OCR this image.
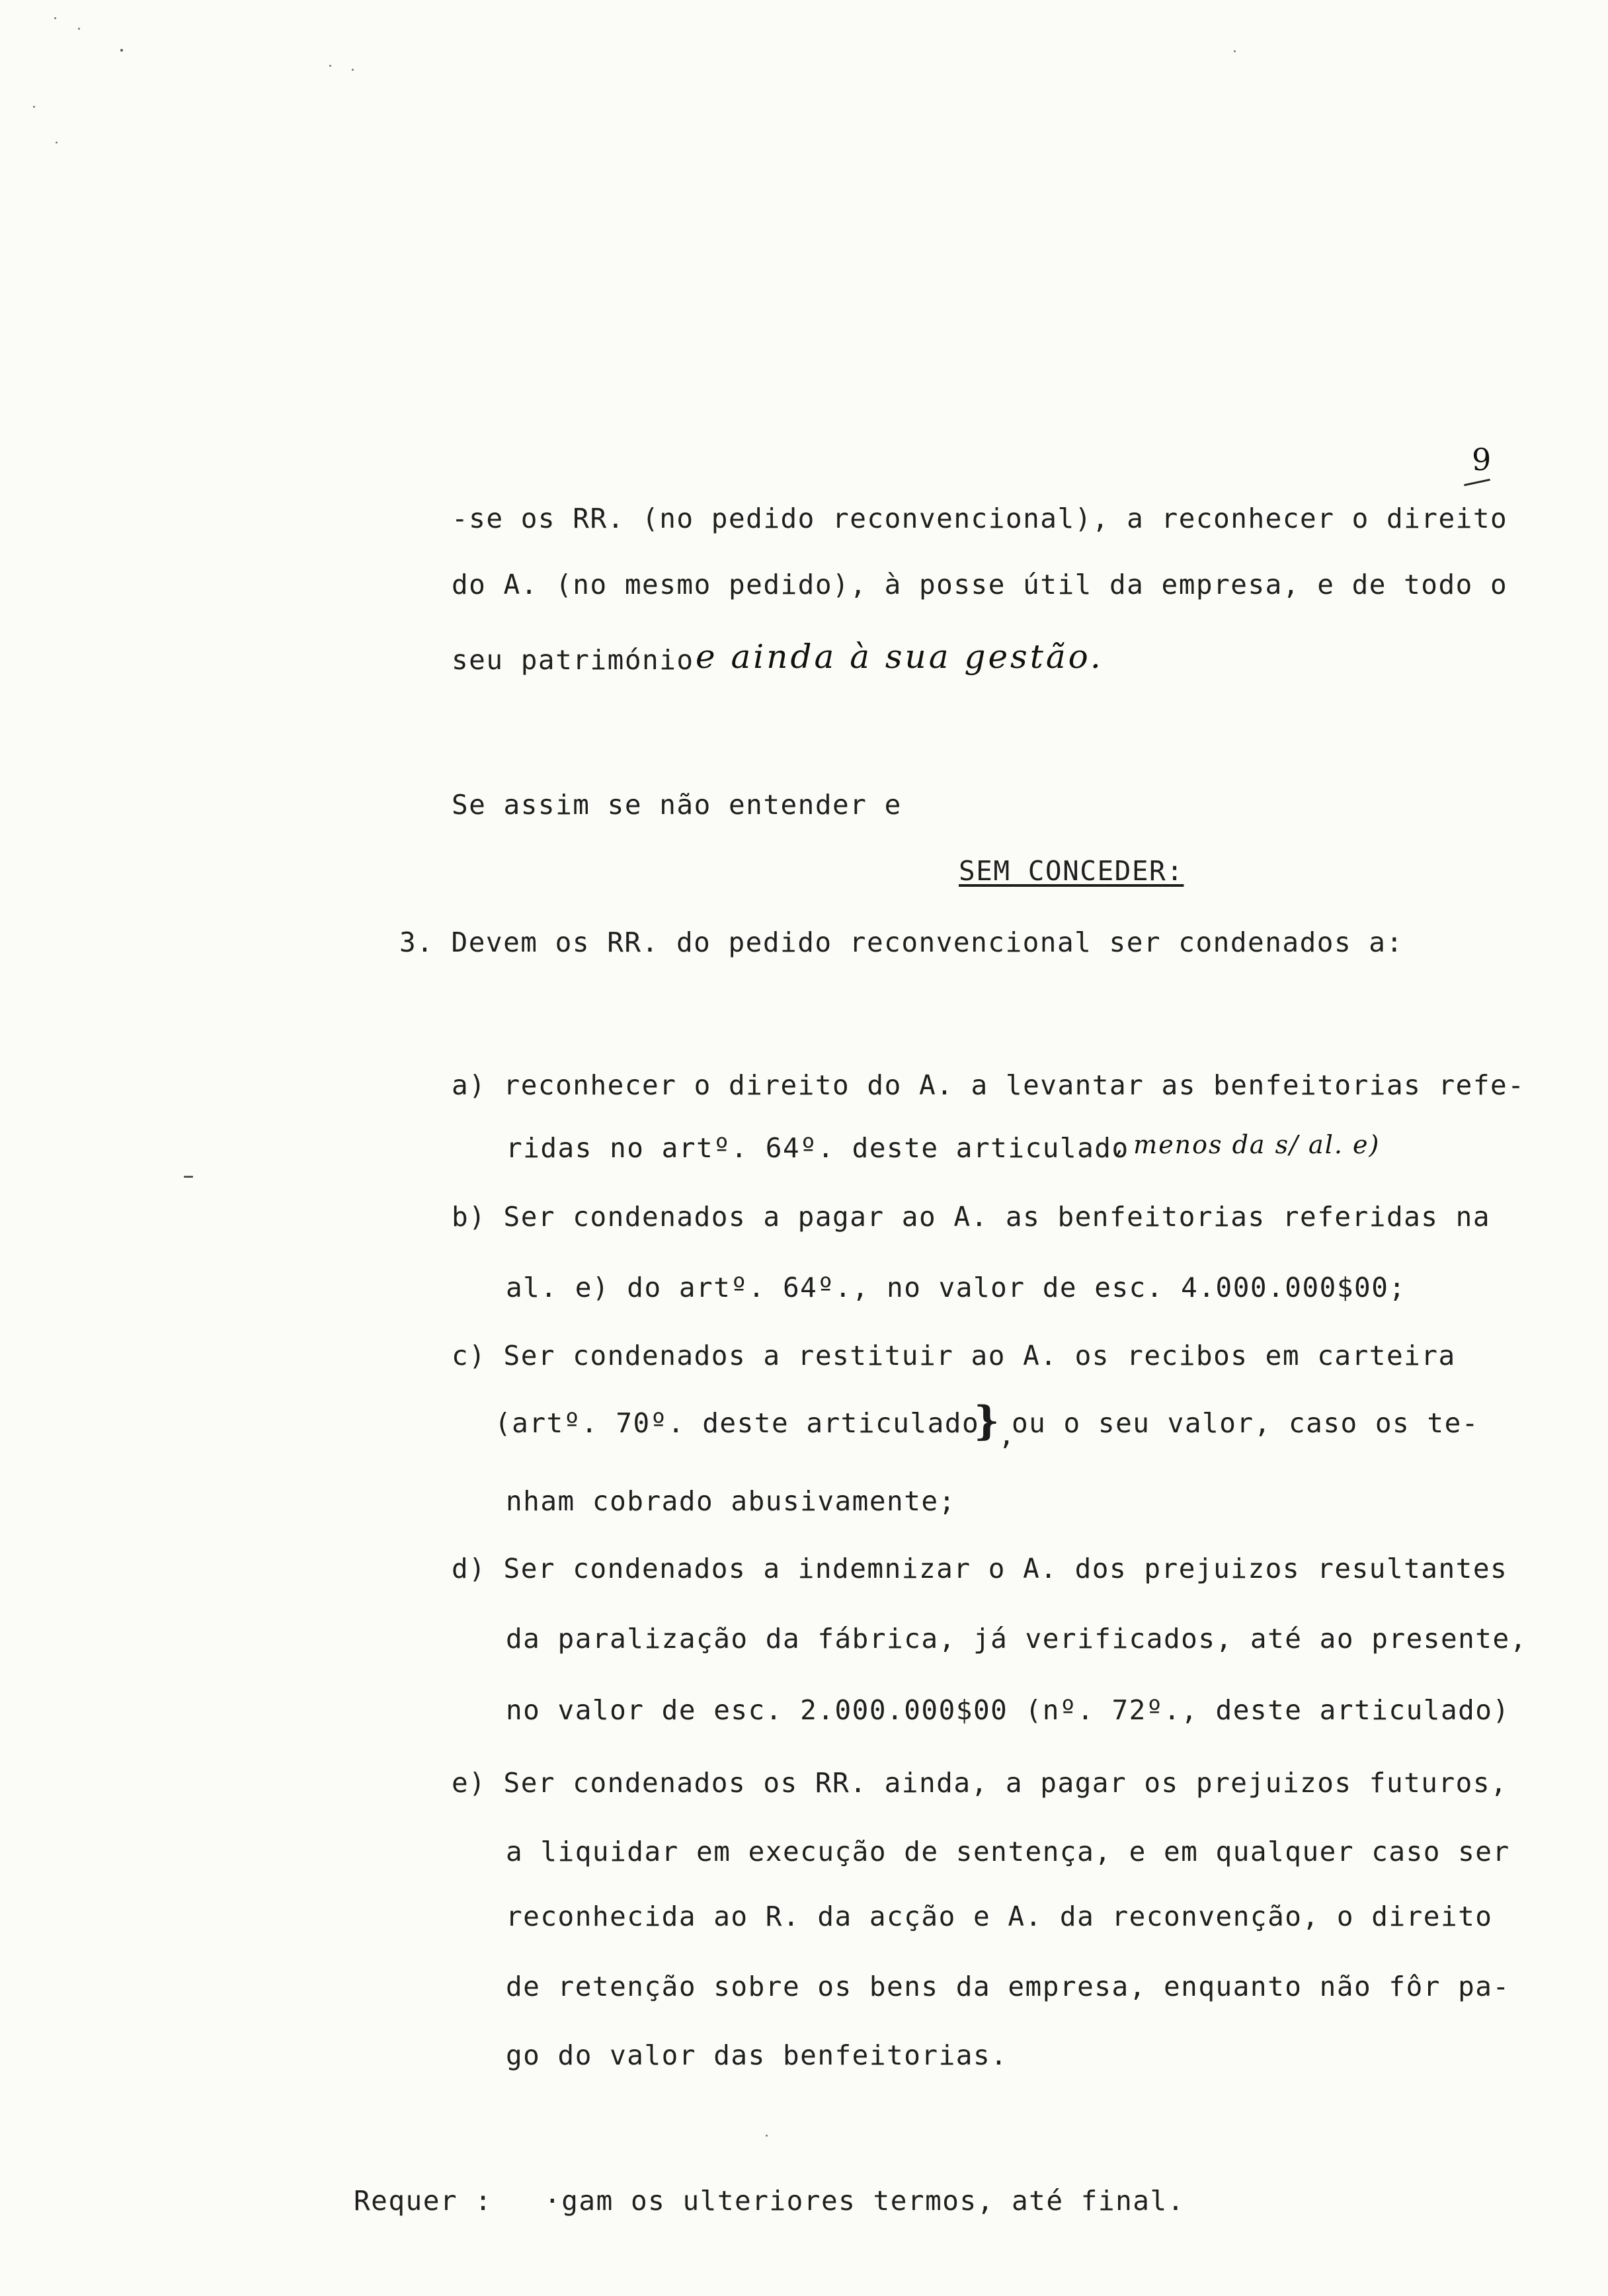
9
-se os RR. (no pedido reconvencional), a reconhecer o direito
do A. (no mesmo pedido), à posse útil da empresa, e de todo o
seu património e ainda à sua gestão.
Se assim se não entender e
SEM CONCEDER:
3. Devem os RR. do pedido reconvencional ser condenados a:
a) reconhecer o direito do A. a levantar as benfeitorias refe-
ridas no artº. 64º. deste articulado
, menos da s/ al. e)
b) Ser condenados a pagar ao A. as benfeitorias referidas na
al. e) do artº. 64º., no valor de esc. 4.000.000$00;
c) Ser condenados a restituir ao A. os recibos em carteira
(artº. 70º. deste articulado
}
,
ou o seu valor, caso os te-
nham cobrado abusivamente;
d) Ser condenados a indemnizar o A. dos prejuizos resultantes
da paralização da fábrica, já verificados, até ao presente,
no valor de esc. 2.000.000$00 (nº. 72º., deste articulado)
e) Ser condenados os RR. ainda, a pagar os prejuizos futuros,
a liquidar em execução de sentença, e em qualquer caso ser
reconhecida ao R. da acção e A. da reconvenção, o direito
de retenção sobre os bens da empresa, enquanto não fôr pa-
go do valor das benfeitorias.
Requer :   ·gam os ulteriores termos, até final.
